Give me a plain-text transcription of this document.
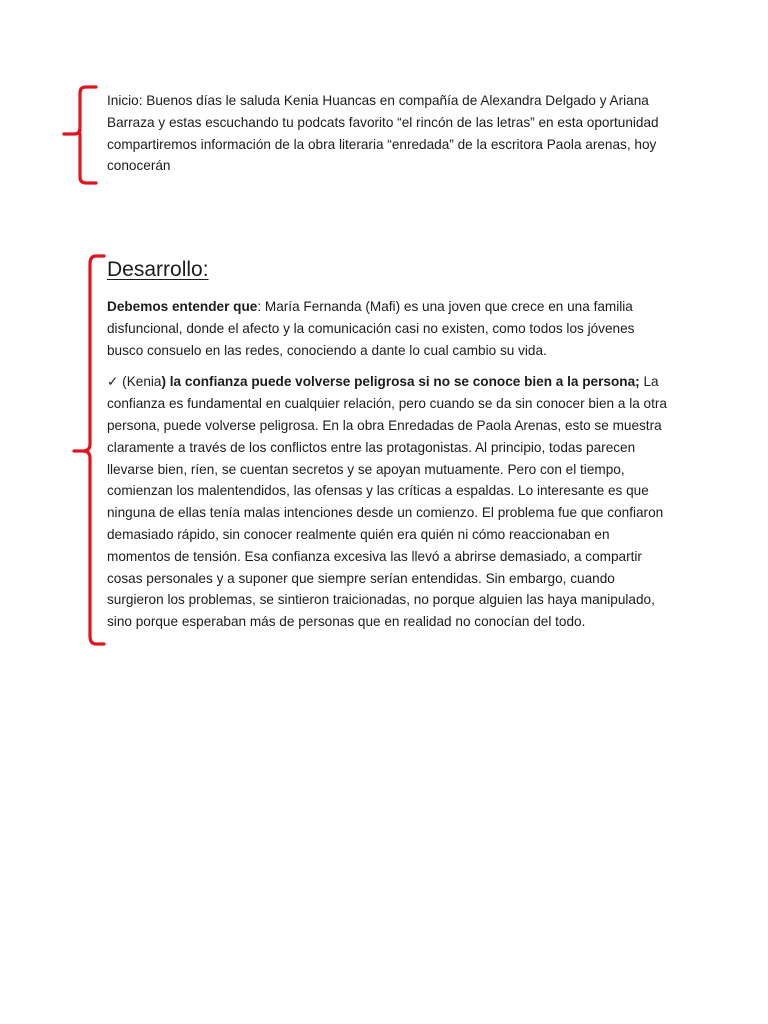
Inicio: Buenos días le saluda Kenia Huancas en compañía de Alexandra Delgado y Ariana Barraza y estas escuchando tu podcats favorito “el rincón de las letras” en esta oportunidad compartiremos información de la obra literaria “enredada” de la escritora Paola arenas, hoy conocerán
Desarrollo:

Debemos entender que: María Fernanda (Mafi) es una joven que crece en una familia disfuncional, donde el afecto y la comunicación casi no existen, como todos los jóvenes busco consuelo en las redes, conociendo a dante lo cual cambio su vida.

✓ (Kenia) la confianza puede volverse peligrosa si no se conoce bien a la persona; La confianza es fundamental en cualquier relación, pero cuando se da sin conocer bien a la otra persona, puede volverse peligrosa. En la obra Enredadas de Paola Arenas, esto se muestra claramente a través de los conflictos entre las protagonistas. Al principio, todas parecen llevarse bien, ríen, se cuentan secretos y se apoyan mutuamente. Pero con el tiempo, comienzan los malentendidos, las ofensas y las críticas a espaldas. Lo interesante es que ninguna de ellas tenía malas intenciones desde un comienzo. El problema fue que confiaron demasiado rápido, sin conocer realmente quién era quién ni cómo reaccionaban en momentos de tensión. Esa confianza excesiva las llevó a abrirse demasiado, a compartir cosas personales y a suponer que siempre serían entendidas. Sin embargo, cuando surgieron los problemas, se sintieron traicionadas, no porque alguien las haya manipulado, sino porque esperaban más de personas que en realidad no conocían del todo.
